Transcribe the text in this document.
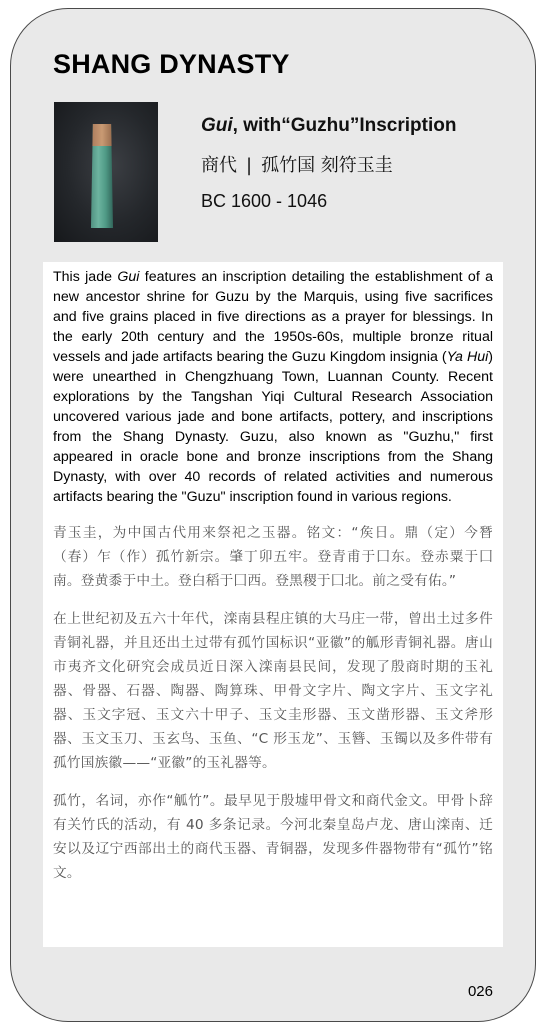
SHANG DYNASTY
Gui, with“Guzhu”Inscription
商代 | 孤竹国 刻符玉圭
BC 1600 - 1046

This jade Gui features an inscription detailing the establishment of a new ancestor shrine for Guzu by the Marquis, using five sacrifices and five grains placed in five directions as a prayer for blessings. In the early 20th century and the 1950s-60s, multiple bronze ritual vessels and jade artifacts bearing the Guzu Kingdom insignia (Ya Hui) were unearthed in Chengzhuang Town, Luannan County. Recent explorations by the Tangshan Yiqi Cultural Research Association uncovered various jade and bone artifacts, pottery, and inscriptions from the Shang Dynasty. Guzu, also known as "Guzhu," first appeared in oracle bone and bronze inscriptions from the Shang Dynasty, with over 40 records of related activities and numerous artifacts bearing the "Guzu" inscription found in various regions.

青玉圭，为中国古代用来祭祀之玉器。铭文：“矦日。鼎（定）今朁（春）乍（作）孤竹新宗。肇丁卯五牢。登青甫于囗东。登赤粟于囗南。登黄黍于中土。登白稻于囗西。登黑稷于囗北。前之受有佑。”

在上世纪初及五六十年代，滦南县程庄镇的大马庄一带，曾出土过多件青铜礼器，并且还出土过带有孤竹国标识“亚徽”的觚形青铜礼器。唐山市夷齐文化研究会成员近日深入滦南县民间，发现了殷商时期的玉礼器、骨器、石器、陶器、陶算珠、甲骨文字片、陶文字片、玉文字礼器、玉文字冠、玉文六十甲子、玉文圭形器、玉文凿形器、玉文斧形器、玉文玉刀、玉玄鸟、玉鱼、“C 形玉龙”、玉簪、玉镯以及多件带有孤竹国族徽——“亚徽”的玉礼器等。

孤竹，名词，亦作“觚竹”。最早见于殷墟甲骨文和商代金文。甲骨卜辞有关竹氏的活动，有 40 多条记录。今河北秦皇岛卢龙、唐山滦南、迁安以及辽宁西部出土的商代玉器、青铜器，发现多件器物带有“孤竹”铭文。

026
